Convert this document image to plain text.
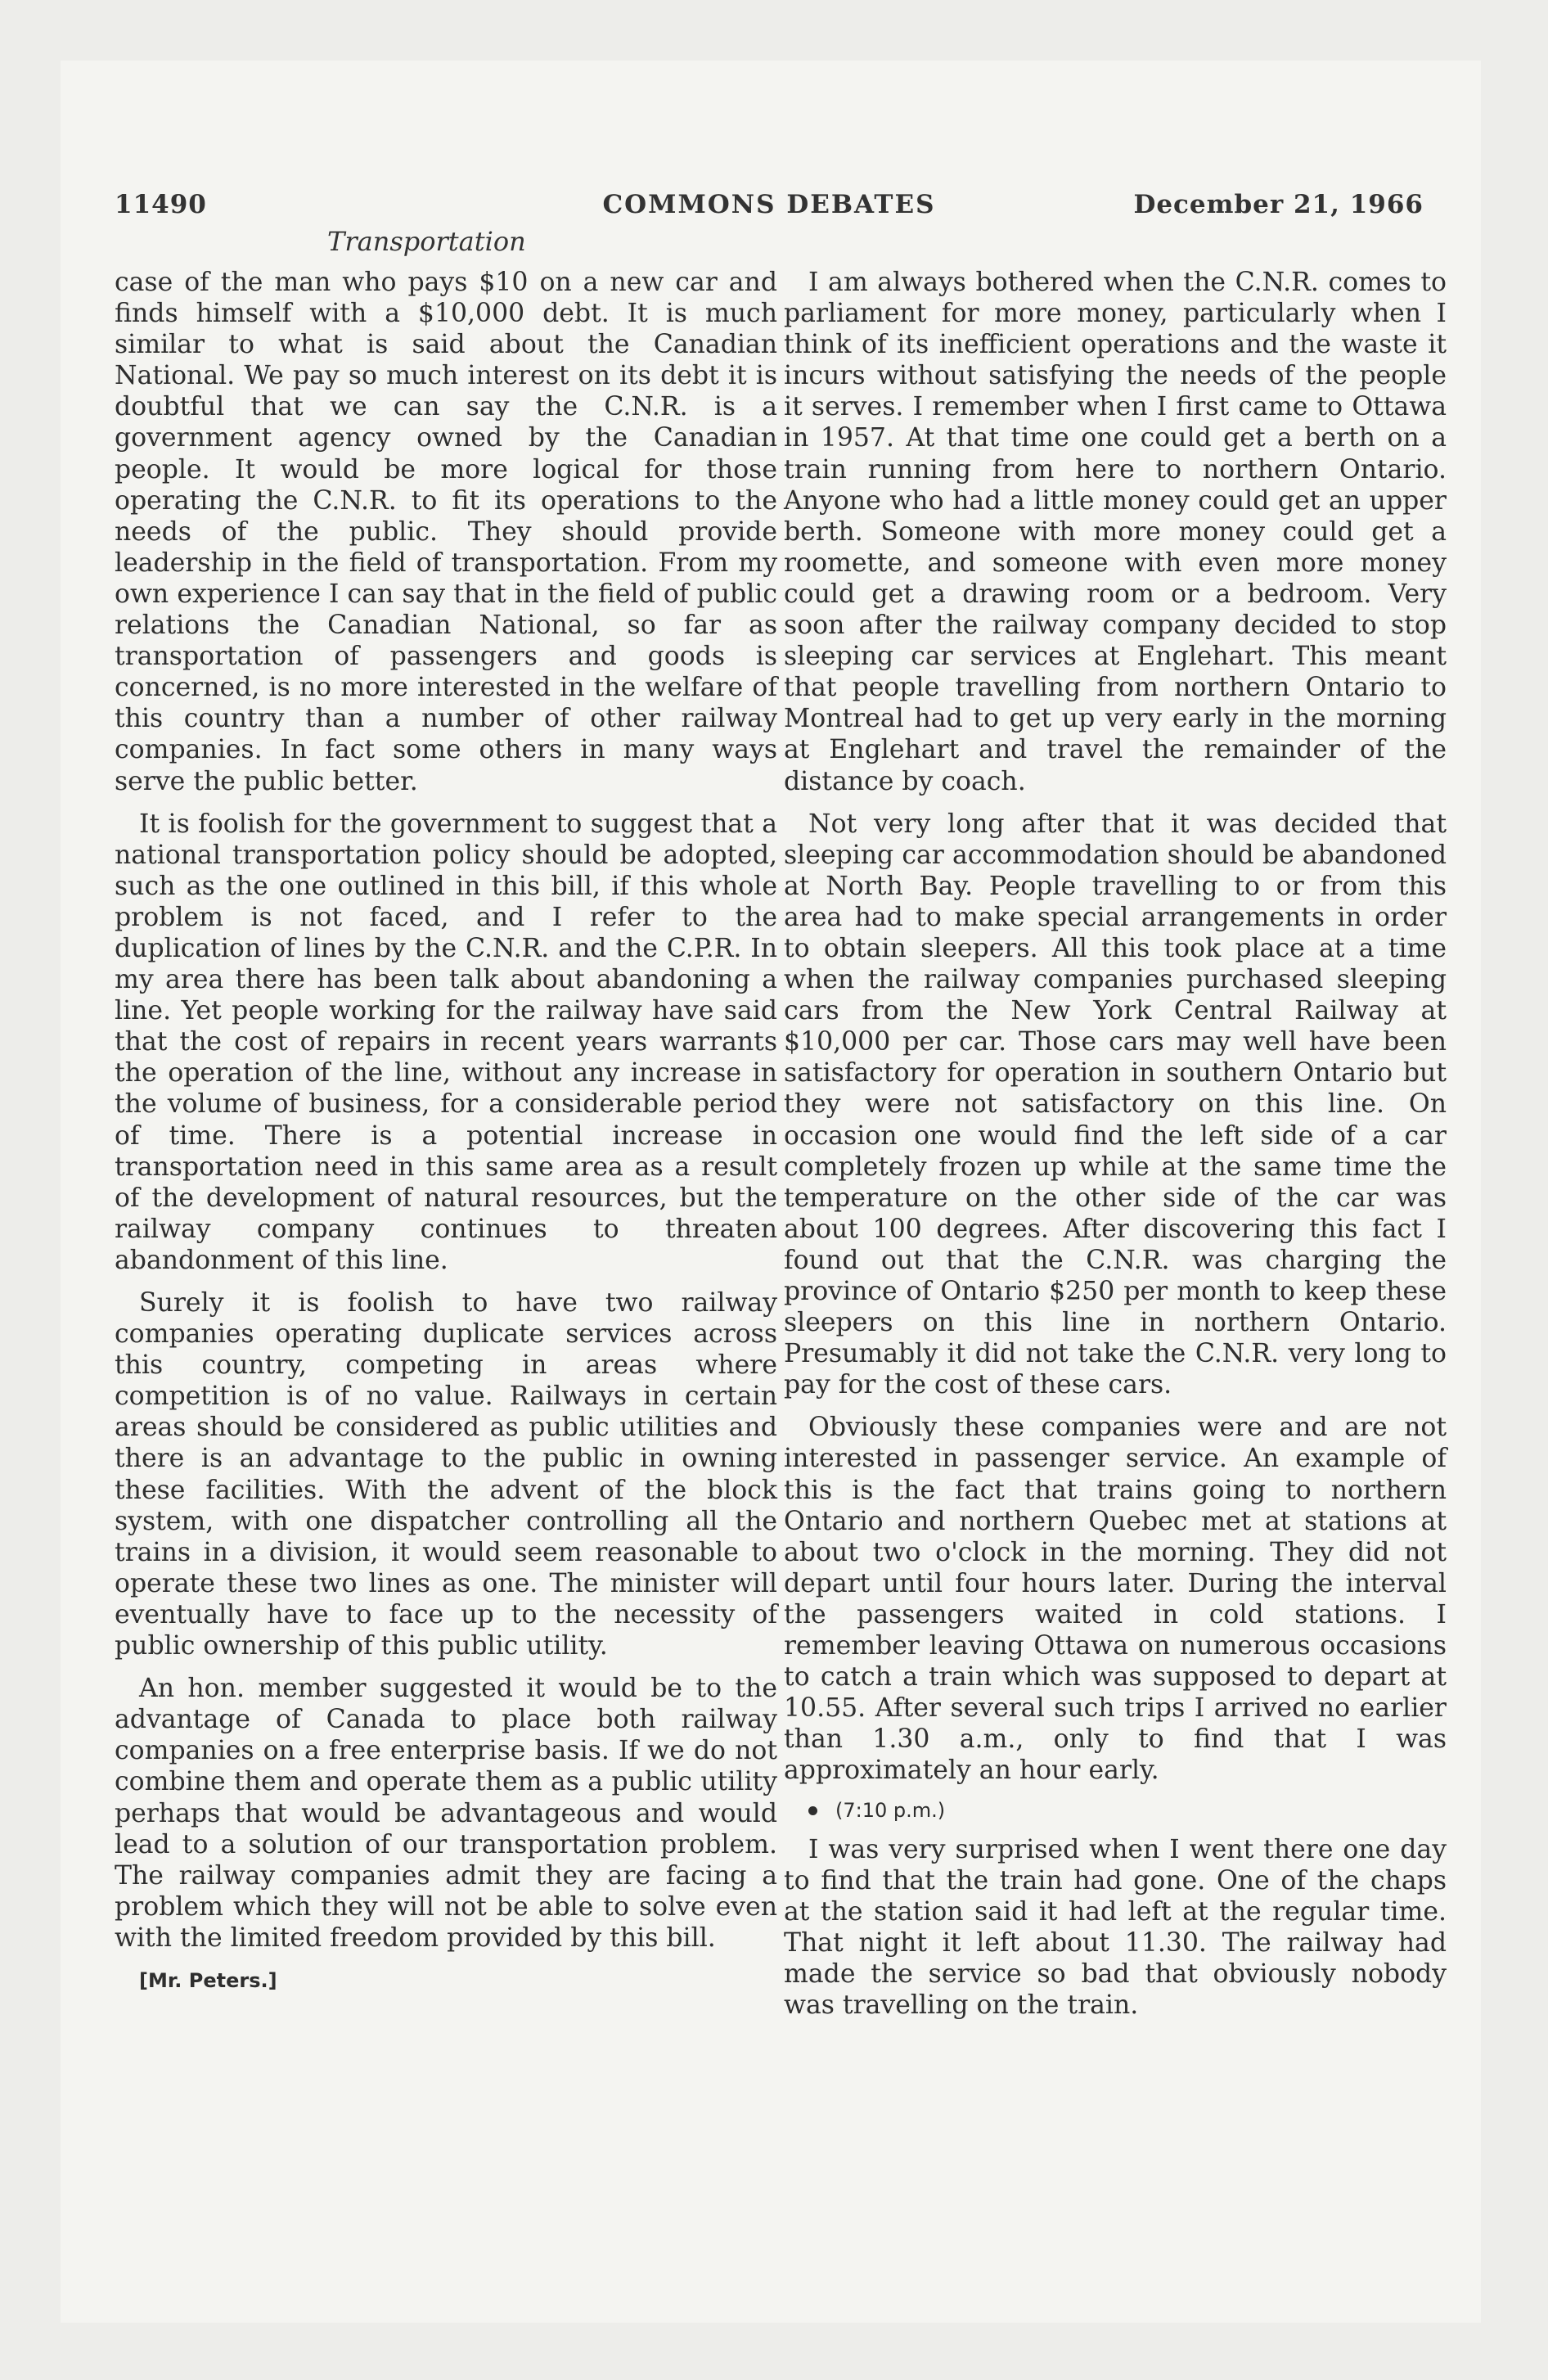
11490	COMMONS DEBATES	December 21, 1966
Transportation

case of the man who pays $10 on a new car and finds himself with a $10,000 debt. It is much similar to what is said about the Canadian National. We pay so much interest on its debt it is doubtful that we can say the C.N.R. is a government agency owned by the Canadian people. It would be more logical for those operating the C.N.R. to fit its operations to the needs of the public. They should provide leadership in the field of transportation. From my own experience I can say that in the field of public relations the Canadian National, so far as transportation of passengers and goods is concerned, is no more interested in the welfare of this country than a number of other railway companies. In fact some others in many ways serve the public better.

It is foolish for the government to suggest that a national transportation policy should be adopted, such as the one outlined in this bill, if this whole problem is not faced, and I refer to the duplication of lines by the C.N.R. and the C.P.R. In my area there has been talk about abandoning a line. Yet people working for the railway have said that the cost of repairs in recent years warrants the operation of the line, without any increase in the volume of business, for a considerable period of time. There is a potential increase in transportation need in this same area as a result of the development of natural resources, but the railway company continues to threaten abandonment of this line.

Surely it is foolish to have two railway companies operating duplicate services across this country, competing in areas where competition is of no value. Railways in certain areas should be considered as public utilities and there is an advantage to the public in owning these facilities. With the advent of the block system, with one dispatcher controlling all the trains in a division, it would seem reasonable to operate these two lines as one. The minister will eventually have to face up to the necessity of public ownership of this public utility.

An hon. member suggested it would be to the advantage of Canada to place both railway companies on a free enterprise basis. If we do not combine them and operate them as a public utility perhaps that would be advantageous and would lead to a solution of our transportation problem. The railway companies admit they are facing a problem which they will not be able to solve even with the limited freedom provided by this bill.

[Mr. Peters.]

I am always bothered when the C.N.R. comes to parliament for more money, particularly when I think of its inefficient operations and the waste it incurs without satisfying the needs of the people it serves. I remember when I first came to Ottawa in 1957. At that time one could get a berth on a train running from here to northern Ontario. Anyone who had a little money could get an upper berth. Someone with more money could get a roomette, and someone with even more money could get a drawing room or a bedroom. Very soon after the railway company decided to stop sleeping car services at Englehart. This meant that people travelling from northern Ontario to Montreal had to get up very early in the morning at Englehart and travel the remainder of the distance by coach.

Not very long after that it was decided that sleeping car accommodation should be abandoned at North Bay. People travelling to or from this area had to make special arrangements in order to obtain sleepers. All this took place at a time when the railway companies purchased sleeping cars from the New York Central Railway at $10,000 per car. Those cars may well have been satisfactory for operation in southern Ontario but they were not satisfactory on this line. On occasion one would find the left side of a car completely frozen up while at the same time the temperature on the other side of the car was about 100 degrees. After discovering this fact I found out that the C.N.R. was charging the province of Ontario $250 per month to keep these sleepers on this line in northern Ontario. Presumably it did not take the C.N.R. very long to pay for the cost of these cars.

Obviously these companies were and are not interested in passenger service. An example of this is the fact that trains going to northern Ontario and northern Quebec met at stations at about two o'clock in the morning. They did not depart until four hours later. During the interval the passengers waited in cold stations. I remember leaving Ottawa on numerous occasions to catch a train which was supposed to depart at 10.55. After several such trips I arrived no earlier than 1.30 a.m., only to find that I was approximately an hour early.

(7:10 p.m.)

I was very surprised when I went there one day to find that the train had gone. One of the chaps at the station said it had left at the regular time. That night it left about 11.30. The railway had made the service so bad that obviously nobody was travelling on the train.
